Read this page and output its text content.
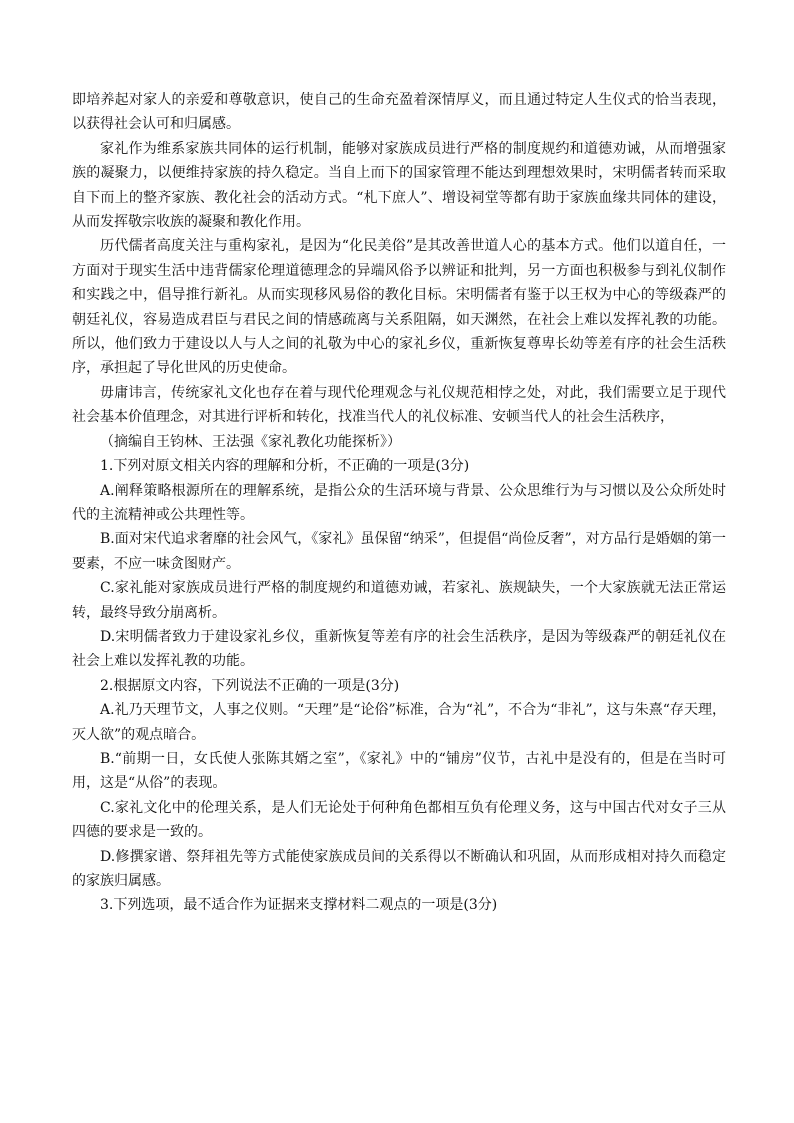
即培养起对家人的亲爱和尊敬意识，使自己的生命充盈着深情厚义，而且通过特定人生仪式的恰当表现，以获得社会认可和归属感。

家礼作为维系家族共同体的运行机制，能够对家族成员进行严格的制度规约和道德劝诫，从而增强家族的凝聚力，以便维持家族的持久稳定。当自上而下的国家管理不能达到理想效果时，宋明儒者转而采取自下而上的整齐家族、教化社会的活动方式。“札下庶人”、增设祠堂等都有助于家族血缘共同体的建设，从而发挥敬宗收族的凝聚和教化作用。

历代儒者高度关注与重构家礼，是因为“化民美俗”是其改善世道人心的基本方式。他们以道自任，一方面对于现实生活中违背儒家伦理道德理念的异端风俗予以辨证和批判，另一方面也积极参与到礼仪制作和实践之中，倡导推行新礼。从而实现移风易俗的教化目标。宋明儒者有鉴于以王权为中心的等级森严的朝廷礼仪，容易造成君臣与君民之间的情感疏离与关系阻隔，如天渊然，在社会上难以发挥礼教的功能。所以，他们致力于建设以人与人之间的礼敬为中心的家礼乡仪，重新恢复尊卑长幼等差有序的社会生活秩序，承担起了导化世风的历史使命。

毋庸讳言，传统家礼文化也存在着与现代伦理观念与礼仪规范相悖之处，对此，我们需要立足于现代社会基本价值理念，对其进行评析和转化，找准当代人的礼仪标准、安顿当代人的社会生活秩序，

（摘编自王钧林、王法强《家礼教化功能探析》）

1.下列对原文相关内容的理解和分析，不正确的一项是(3分)

A.阐释策略根源所在的理解系统，是指公众的生活环境与背景、公众思维行为与习惯以及公众所处时代的主流精神或公共理性等。

B.面对宋代追求奢靡的社会风气，《家礼》虽保留“纳采”，但提倡“尚俭反奢”，对方品行是婚姻的第一要素，不应一味贪图财产。

C.家礼能对家族成员进行严格的制度规约和道德劝诫，若家礼、族规缺失，一个大家族就无法正常运转，最终导致分崩离析。

D.宋明儒者致力于建设家礼乡仪，重新恢复等差有序的社会生活秩序，是因为等级森严的朝廷礼仪在社会上难以发挥礼教的功能。

2.根据原文内容，下列说法不正确的一项是(3分)

A.礼乃天理节文，人事之仪则。“天理”是“论俗”标准，合为“礼”，不合为“非礼”，这与朱熹“存天理，灭人欲”的观点暗合。

B.“前期一日，女氏使人张陈其婿之室”，《家礼》中的“铺房”仪节，古礼中是没有的，但是在当时可用，这是“从俗”的表现。

C.家礼文化中的伦理关系，是人们无论处于何种角色都相互负有伦理义务，这与中国古代对女子三从四德的要求是一致的。

D.修撰家谱、祭拜祖先等方式能使家族成员间的关系得以不断确认和巩固，从而形成相对持久而稳定的家族归属感。

3.下列选项，最不适合作为证据来支撑材料二观点的一项是(3分)
